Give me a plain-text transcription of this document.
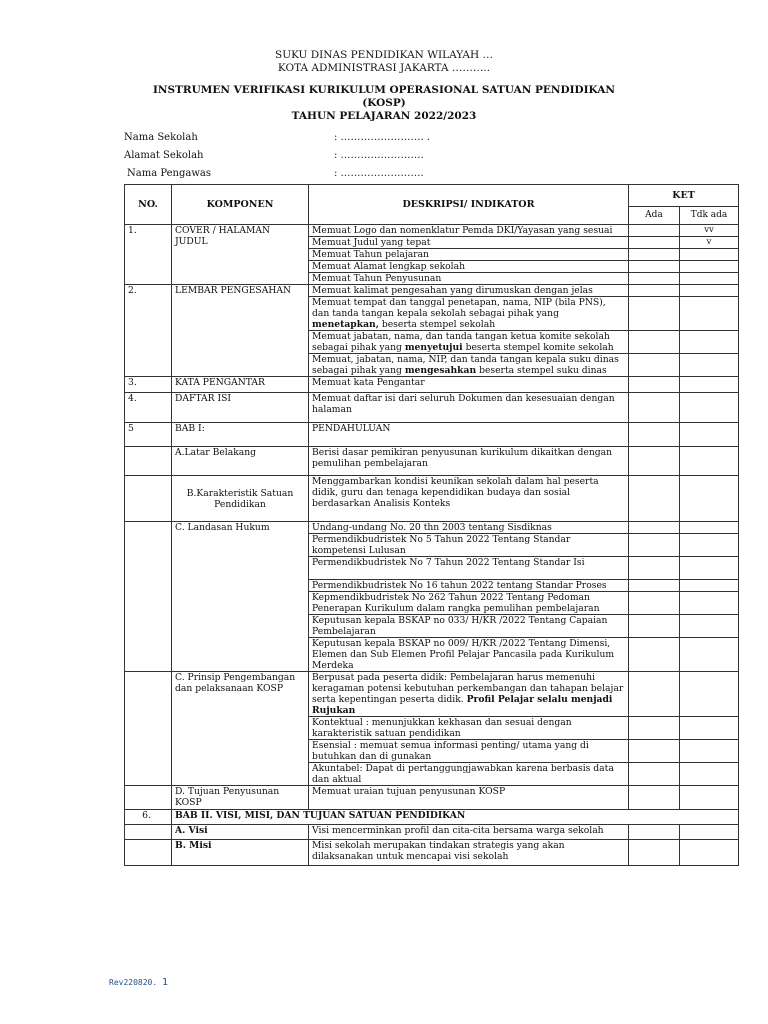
SUKU DINAS PENDIDIKAN WILAYAH …
KOTA ADMINISTRASI JAKARTA ………..
INSTRUMEN VERIFIKASI KURIKULUM OPERASIONAL SATUAN PENDIDIKAN
(KOSP)
TAHUN PELAJARAN 2022/2023
Nama Sekolah	: ……………………. .
Alamat Sekolah	: …………………….
Nama Pengawas	: …………………….
NO.	KOMPONEN	DESKRIPSI/ INDIKATOR	KET	
			Ada	Tdk ada
1.	COVER / HALAMAN JUDUL	Memuat Logo dan nomenklatur Pemda DKI/Yayasan yang sesuai		vv
		Memuat Judul yang tepat		v
		Memuat Tahun pelajaran		
		Memuat Alamat lengkap sekolah		
		Memuat Tahun Penyusunan		
2.	LEMBAR PENGESAHAN	Memuat kalimat pengesahan yang dirumuskan dengan jelas		
		Memuat tempat dan tanggal penetapan, nama, NIP (bila PNS), dan tanda tangan kepala sekolah sebagai pihak yang menetapkan, beserta stempel sekolah		
		Memuat jabatan, nama, dan tanda tangan ketua komite sekolah sebagai pihak yang menyetujui beserta stempel komite sekolah		
		Memuat, jabatan, nama, NIP, dan tanda tangan kepala suku dinas sebagai pihak yang mengesahkan beserta stempel suku dinas		
3.	KATA PENGANTAR	Memuat kata Pengantar		
4.	DAFTAR ISI	Memuat daftar isi dari seluruh Dokumen dan kesesuaian dengan halaman		
5	BAB I:	PENDAHULUAN		
	A.Latar Belakang	Berisi dasar pemikiran penyusunan kurikulum dikaitkan dengan pemulihan pembelajaran		
	B.Karakteristik Satuan Pendidikan	Menggambarkan kondisi keunikan sekolah dalam hal peserta didik, guru dan tenaga kependidikan budaya dan sosial berdasarkan Analisis Konteks		
	C. Landasan Hukum	Undang-undang No. 20 thn 2003 tentang Sisdiknas		
		Permendikbudristek No 5 Tahun 2022 Tentang Standar kompetensi Lulusan		
		Permendikbudristek No 7 Tahun 2022 Tentang Standar Isi		
		Permendikbudristek No 16 tahun 2022 tentang Standar Proses		
		Kepmendikbudristek No 262 Tahun 2022 Tentang Pedoman Penerapan Kurikulum dalam rangka pemulihan pembelajaran		
		Keputusan kepala BSKAP no 033/ H/KR /2022 Tentang Capaian Pembelajaran		
		Keputusan kepala BSKAP no 009/ H/KR /2022 Tentang Dimensi, Elemen dan Sub Elemen Profil Pelajar Pancasila pada Kurikulum Merdeka		
	C. Prinsip Pengembangan dan pelaksanaan KOSP	Berpusat pada peserta didik: Pembelajaran harus memenuhi keragaman potensi kebutuhan perkembangan dan tahapan belajar serta kepentingan peserta didik. Profil Pelajar selalu menjadi Rujukan		
		Kontektual : menunjukkan kekhasan dan sesuai dengan karakteristik satuan pendidikan		
		Esensial : memuat semua informasi penting/ utama yang di butuhkan dan di gunakan		
		Akuntabel: Dapat di pertanggungjawabkan karena berbasis data dan aktual		
	D. Tujuan Penyusunan KOSP	Memuat uraian tujuan penyusunan KOSP		
6.	BAB II. VISI, MISI, DAN TUJUAN SATUAN PENDIDIKAN			
	A. Visi	Visi mencerminkan profil dan cita-cita bersama warga sekolah		
	B. Misi	Misi sekolah merupakan tindakan strategis yang akan dilaksanakan untuk mencapai visi sekolah		
Rev220820. 1
